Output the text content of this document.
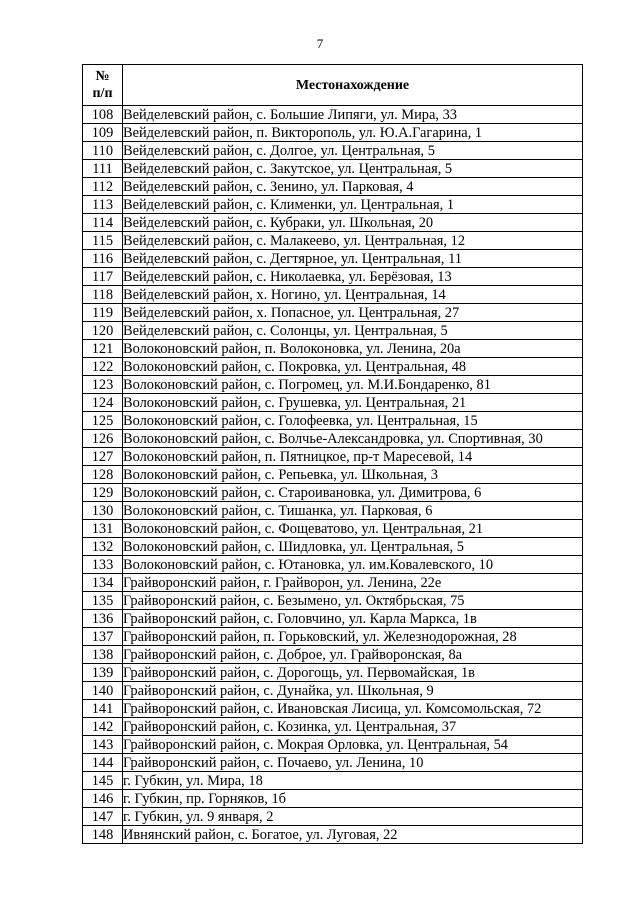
7
№
п/п	Местонахождение
108	Вейделевский район, с. Большие Липяги, ул. Мира, 33
109	Вейделевский район, п. Викторополь, ул. Ю.А.Гагарина, 1
110	Вейделевский район, с. Долгое, ул. Центральная, 5
111	Вейделевский район, с. Закутское, ул. Центральная, 5
112	Вейделевский район, с. Зенино, ул. Парковая, 4
113	Вейделевский район, с. Клименки, ул. Центральная, 1
114	Вейделевский район, с. Кубраки, ул. Школьная, 20
115	Вейделевский район, с. Малакеево, ул. Центральная, 12
116	Вейделевский район, с. Дегтярное, ул. Центральная, 11
117	Вейделевский район, с. Николаевка, ул. Берёзовая, 13
118	Вейделевский район, х. Ногино, ул. Центральная, 14
119	Вейделевский район, х. Попасное, ул. Центральная, 27
120	Вейделевский район, с. Солонцы, ул. Центральная, 5
121	Волоконовский район, п. Волоконовка, ул. Ленина, 20а
122	Волоконовский район, с. Покровка, ул. Центральная, 48
123	Волоконовский район, с. Погромец, ул. М.И.Бондаренко, 81
124	Волоконовский район, с. Грушевка, ул. Центральная, 21
125	Волоконовский район, с. Голофеевка, ул. Центральная, 15
126	Волоконовский район, с. Волчье-Александровка, ул. Спортивная, 30
127	Волоконовский район, п. Пятницкое, пр-т Маресевой, 14
128	Волоконовский район, с. Репьевка, ул. Школьная, 3
129	Волоконовский район, с. Староивановка, ул. Димитрова, 6
130	Волоконовский район, с. Тишанка, ул. Парковая, 6
131	Волоконовский район, с. Фощеватово, ул. Центральная, 21
132	Волоконовский район, с. Шидловка, ул. Центральная, 5
133	Волоконовский район, с. Ютановка, ул. им.Ковалевского, 10
134	Грайворонский район, г. Грайворон, ул. Ленина, 22е
135	Грайворонский район, с. Безымено, ул. Октябрьская, 75
136	Грайворонский район, с. Головчино, ул. Карла Маркса, 1в
137	Грайворонский район, п. Горьковский, ул. Железнодорожная, 28
138	Грайворонский район, с. Доброе, ул. Грайворонская, 8а
139	Грайворонский район, с. Дорогощь, ул. Первомайская, 1в
140	Грайворонский район, с. Дунайка, ул. Школьная, 9
141	Грайворонский район, с. Ивановская Лисица, ул. Комсомольская, 72
142	Грайворонский район, с. Козинка, ул. Центральная, 37
143	Грайворонский район, с. Мокрая Орловка, ул. Центральная, 54
144	Грайворонский район, с. Почаево, ул. Ленина, 10
145	г. Губкин, ул. Мира, 18
146	г. Губкин, пр. Горняков, 1б
147	г. Губкин, ул. 9 января, 2
148	Ивнянский район, с. Богатое, ул. Луговая, 22
